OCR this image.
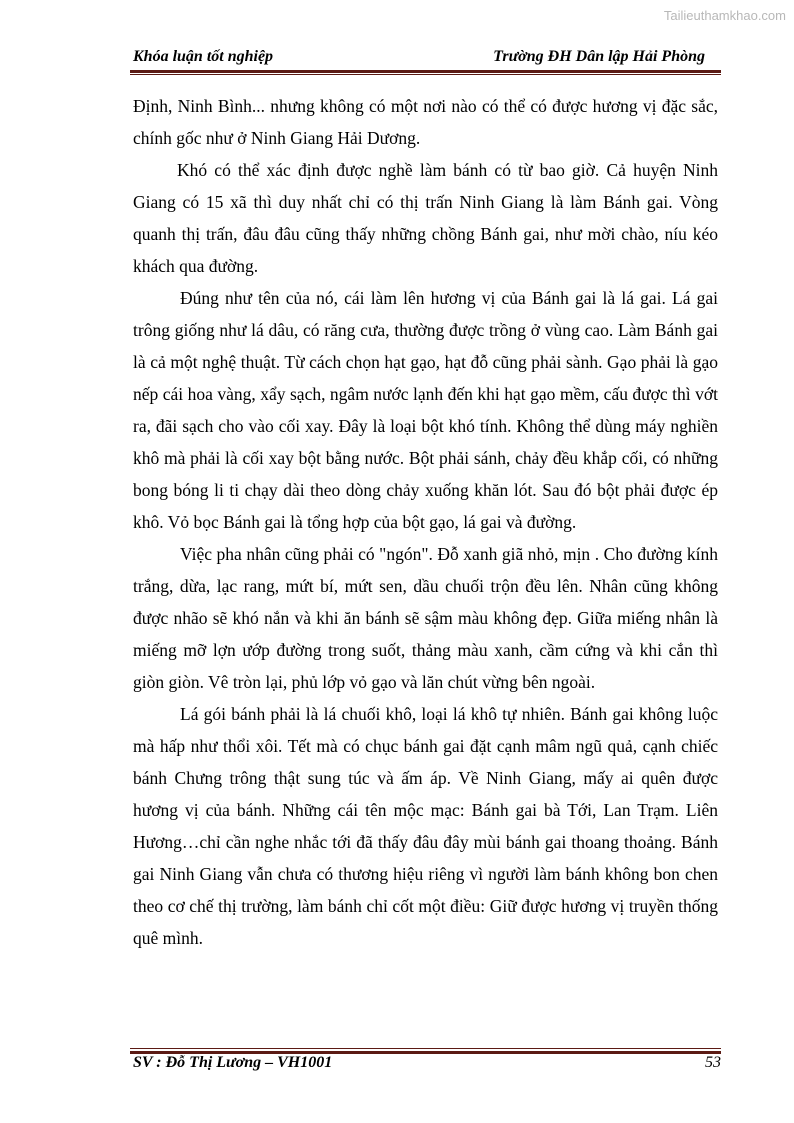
Tailieuthamkhao.com
Khóa luận tốt nghiệp	Trường ĐH Dân lập Hải Phòng

Định, Ninh Bình... nhưng không có một nơi nào có thể có được hương vị đặc sắc, chính gốc như ở Ninh Giang Hải Dương.

Khó có thể xác định được nghề làm bánh có từ bao giờ. Cả huyện Ninh Giang có 15 xã thì duy nhất chỉ có thị trấn Ninh Giang là làm Bánh gai. Vòng quanh thị trấn, đâu đâu cũng thấy những chồng Bánh gai, như mời chào, níu kéo khách qua đường.

Đúng như tên của nó, cái làm lên hương vị của Bánh gai là lá gai. Lá gai trông giống như lá dâu, có răng cưa, thường được trồng ở vùng cao. Làm Bánh gai là cả một nghệ thuật. Từ cách chọn hạt gạo, hạt đỗ cũng phải sành. Gạo phải là gạo nếp cái hoa vàng, xẩy sạch, ngâm nước lạnh đến khi hạt gạo mềm, cấu được thì vớt ra, đãi sạch cho vào cối xay. Đây là loại bột khó tính. Không thể dùng máy nghiền khô mà phải là cối xay bột bằng nước. Bột phải sánh, chảy đều khắp cối, có những bong bóng li ti chạy dài theo dòng chảy xuống khăn lót. Sau đó bột phải được ép khô. Vỏ bọc Bánh gai là tổng hợp của bột gạo, lá gai và đường.

Việc pha nhân cũng phải có "ngón". Đỗ xanh giã nhỏ, mịn . Cho đường kính trắng, dừa, lạc rang, mứt bí, mứt sen, dầu chuối trộn đều lên. Nhân cũng không được nhão sẽ khó nắn và khi ăn bánh sẽ sậm màu không đẹp. Giữa miếng nhân là miếng mỡ lợn ướp đường trong suốt, thảng màu xanh, cầm cứng và khi cắn thì giòn giòn. Vê tròn lại, phủ lớp vỏ gạo và lăn chút vừng bên ngoài.

Lá gói bánh phải là lá chuối khô, loại lá khô tự nhiên. Bánh gai không luộc mà hấp như thổi xôi. Tết mà có chục bánh gai đặt cạnh mâm ngũ quả, cạnh chiếc bánh Chưng trông thật sung túc và ấm áp. Về Ninh Giang, mấy ai quên được hương vị của bánh. Những cái tên mộc mạc: Bánh gai bà Tới, Lan Trạm. Liên Hương…chỉ cần nghe nhắc tới đã thấy đâu đây mùi bánh gai thoang thoảng. Bánh gai Ninh Giang vẫn chưa có thương hiệu riêng vì người làm bánh không bon chen theo cơ chế thị trường, làm bánh chỉ cốt một điều: Giữ được hương vị truyền thống quê mình.

SV : Đỗ Thị Lương – VH1001	53
